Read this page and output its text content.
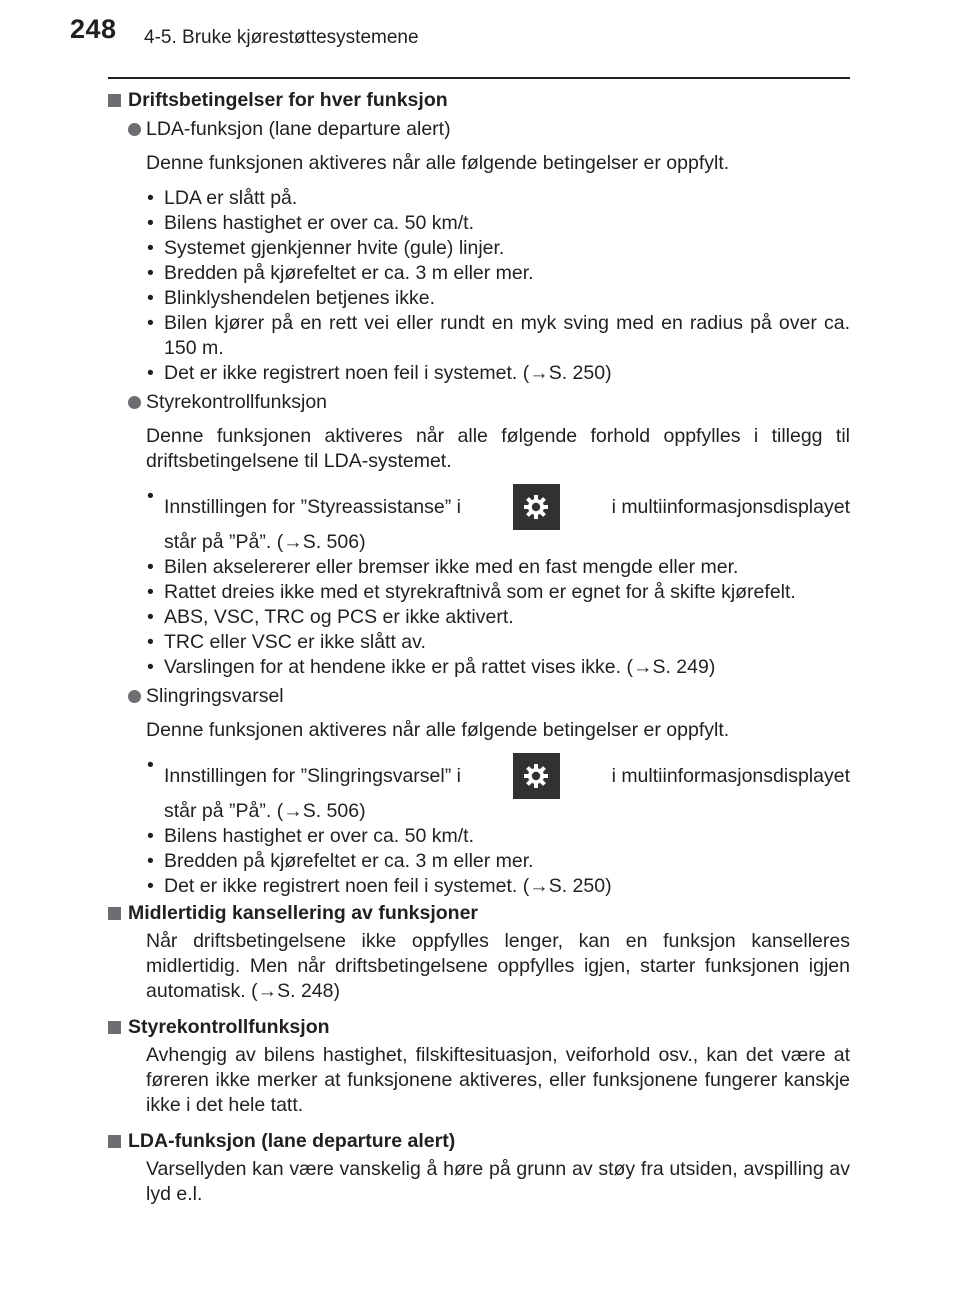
248 4-5. Bruke kjørestøttesystemene
Driftsbetingelser for hver funksjon
LDA-funksjon (lane departure alert)
Denne funksjonen aktiveres når alle følgende betingelser er oppfylt.
• LDA er slått på.
• Bilens hastighet er over ca. 50 km/t.
• Systemet gjenkjenner hvite (gule) linjer.
• Bredden på kjørefeltet er ca. 3 m eller mer.
• Blinklyshendelen betjenes ikke.
• Bilen kjører på en rett vei eller rundt en myk sving med en radius på over ca. 150 m.
• Det er ikke registrert noen feil i systemet. (→S. 250)
Styrekontrollfunksjon
Denne funksjonen aktiveres når alle følgende forhold oppfylles i tillegg til driftsbetingelsene til LDA-systemet.
• Innstillingen for ”Styreassistanse” i	i multiinformasjonsdisplayet
står på ”På”. (→S. 506)
• Bilen akselererer eller bremser ikke med en fast mengde eller mer.
• Rattet dreies ikke med et styrekraftnivå som er egnet for å skifte kjørefelt.
• ABS, VSC, TRC og PCS er ikke aktivert.
• TRC eller VSC er ikke slått av.
• Varslingen for at hendene ikke er på rattet vises ikke. (→S. 249)
Slingringsvarsel
Denne funksjonen aktiveres når alle følgende betingelser er oppfylt.
• Innstillingen for ”Slingringsvarsel” i	i multiinformasjonsdisplayet
står på ”På”. (→S. 506)
• Bilens hastighet er over ca. 50 km/t.
• Bredden på kjørefeltet er ca. 3 m eller mer.
• Det er ikke registrert noen feil i systemet. (→S. 250)
Midlertidig kansellering av funksjoner
Når driftsbetingelsene ikke oppfylles lenger, kan en funksjon kanselleres midlertidig. Men når driftsbetingelsene oppfylles igjen, starter funksjonen igjen automatisk. (→S. 248)
Styrekontrollfunksjon
Avhengig av bilens hastighet, filskiftesituasjon, veiforhold osv., kan det være at føreren ikke merker at funksjonene aktiveres, eller funksjonene fungerer kanskje ikke i det hele tatt.
LDA-funksjon (lane departure alert)
Varsellyden kan være vanskelig å høre på grunn av støy fra utsiden, avspilling av lyd e.l.
